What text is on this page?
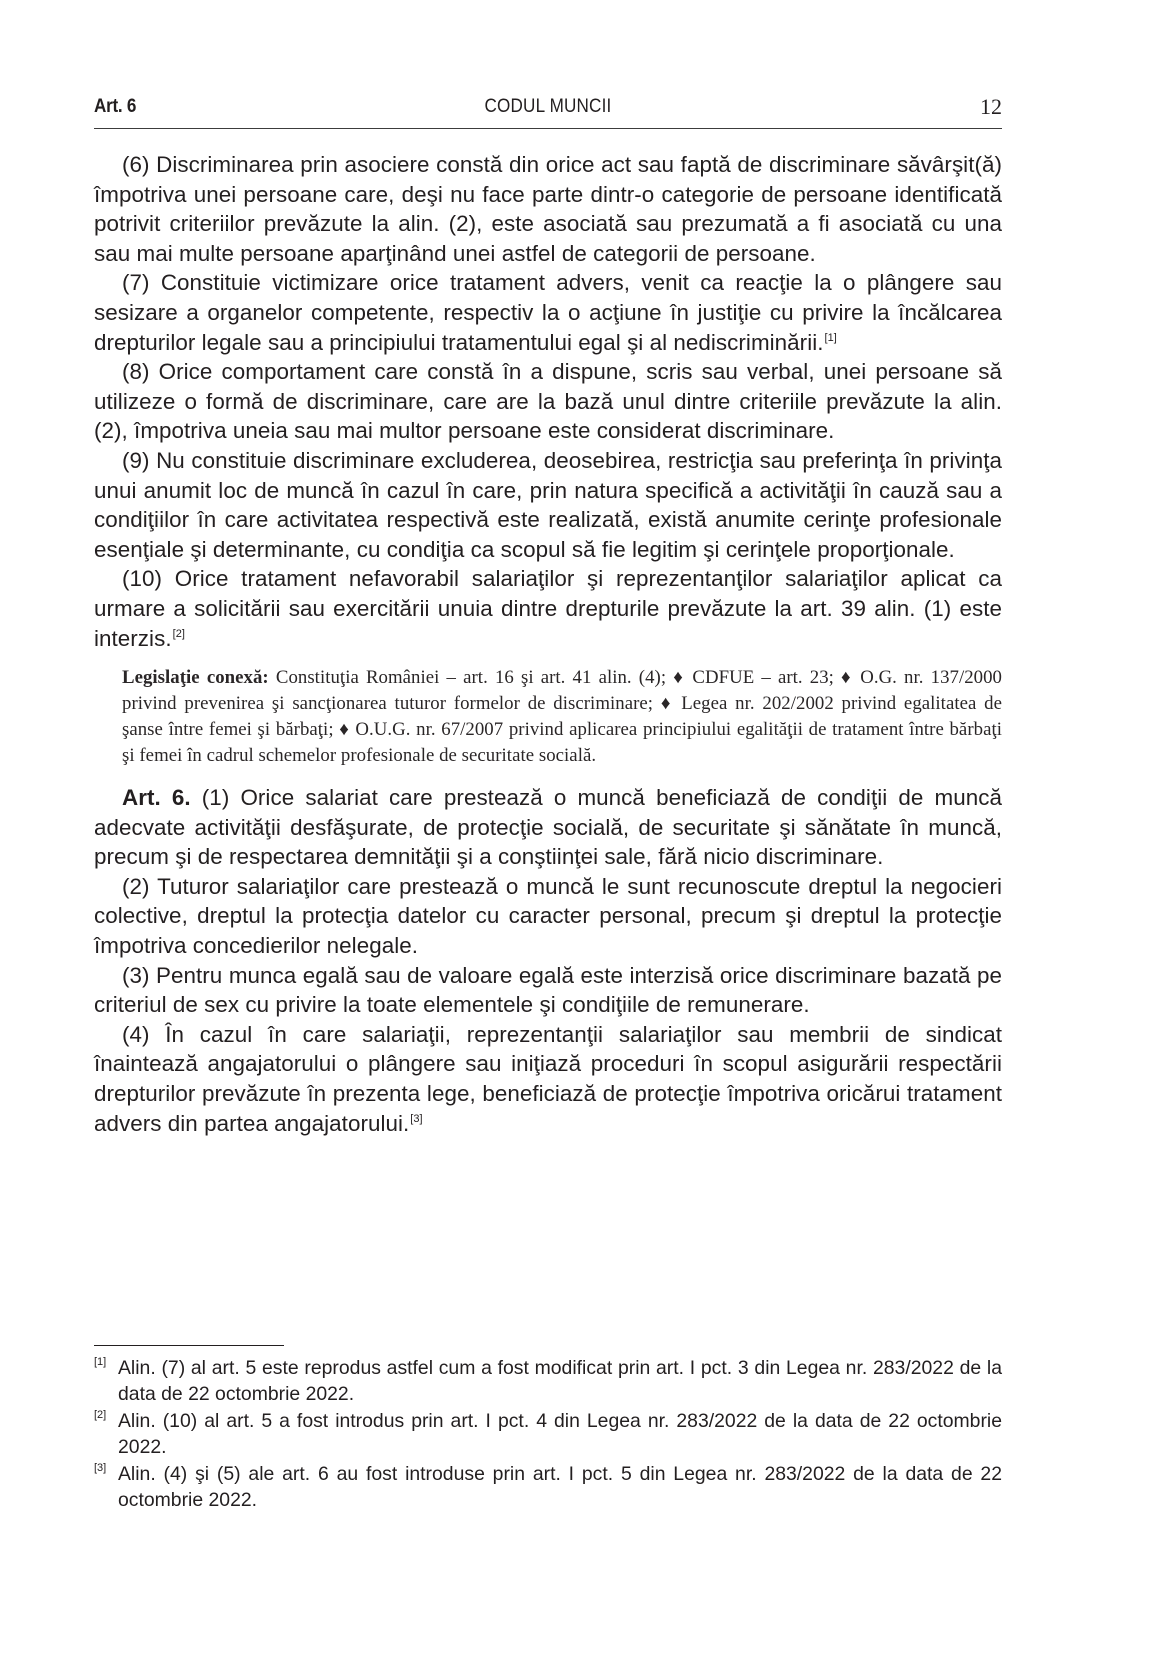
Art. 6	CODUL MUNCII	12

(6) Discriminarea prin asociere constă din orice act sau faptă de discriminare săvârşit(ă) împotriva unei persoane care, deşi nu face parte dintr-o categorie de persoane identificată potrivit criteriilor prevăzute la alin. (2), este asociată sau prezumată a fi asociată cu una sau mai multe persoane aparţinând unei astfel de categorii de persoane.

(7) Constituie victimizare orice tratament advers, venit ca reacţie la o plângere sau sesizare a organelor competente, respectiv la o acţiune în justiţie cu privire la încălcarea drepturilor legale sau a principiului tratamentului egal şi al nediscriminării.[1]

(8) Orice comportament care constă în a dispune, scris sau verbal, unei persoane să utilizeze o formă de discriminare, care are la bază unul dintre criteriile prevăzute la alin. (2), împotriva uneia sau mai multor persoane este considerat discriminare.

(9) Nu constituie discriminare excluderea, deosebirea, restricţia sau preferinţa în privinţa unui anumit loc de muncă în cazul în care, prin natura specifică a activităţii în cauză sau a condiţiilor în care activitatea respectivă este realizată, există anumite cerinţe profesionale esenţiale şi determinante, cu condiţia ca scopul să fie legitim şi cerinţele proporţionale.

(10) Orice tratament nefavorabil salariaţilor şi reprezentanţilor salariaţilor aplicat ca urmare a solicitării sau exercitării unuia dintre drepturile prevăzute la art. 39 alin. (1) este interzis.[2]

Legislaţie conexă: Constituţia României – art. 16 şi art. 41 alin. (4); ♦ CDFUE – art. 23; ♦ O.G. nr. 137/2000 privind prevenirea şi sancţionarea tuturor formelor de discriminare; ♦ Legea nr. 202/2002 privind egalitatea de şanse între femei şi bărbaţi; ♦ O.U.G. nr. 67/2007 privind aplicarea principiului egalităţii de tratament între bărbaţi şi femei în cadrul schemelor profesionale de securitate socială.

Art. 6. (1) Orice salariat care prestează o muncă beneficiază de condiţii de muncă adecvate activităţii desfăşurate, de protecţie socială, de securitate şi sănătate în muncă, precum şi de respectarea demnităţii şi a conştiinţei sale, fără nicio discriminare.

(2) Tuturor salariaţilor care prestează o muncă le sunt recunoscute dreptul la negocieri colective, dreptul la protecţia datelor cu caracter personal, precum şi dreptul la protecţie împotriva concedierilor nelegale.

(3) Pentru munca egală sau de valoare egală este interzisă orice discriminare bazată pe criteriul de sex cu privire la toate elementele şi condiţiile de remunerare.

(4) În cazul în care salariaţii, reprezentanţii salariaţilor sau membrii de sindicat înaintează angajatorului o plângere sau iniţiază proceduri în scopul asigurării respectării drepturilor prevăzute în prezenta lege, beneficiază de protecţie împotriva oricărui tratament advers din partea angajatorului.[3]

[1] Alin. (7) al art. 5 este reprodus astfel cum a fost modificat prin art. I pct. 3 din Legea nr. 283/2022 de la data de 22 octombrie 2022.
[2] Alin. (10) al art. 5 a fost introdus prin art. I pct. 4 din Legea nr. 283/2022 de la data de 22 octombrie 2022.
[3] Alin. (4) şi (5) ale art. 6 au fost introduse prin art. I pct. 5 din Legea nr. 283/2022 de la data de 22 octombrie 2022.
